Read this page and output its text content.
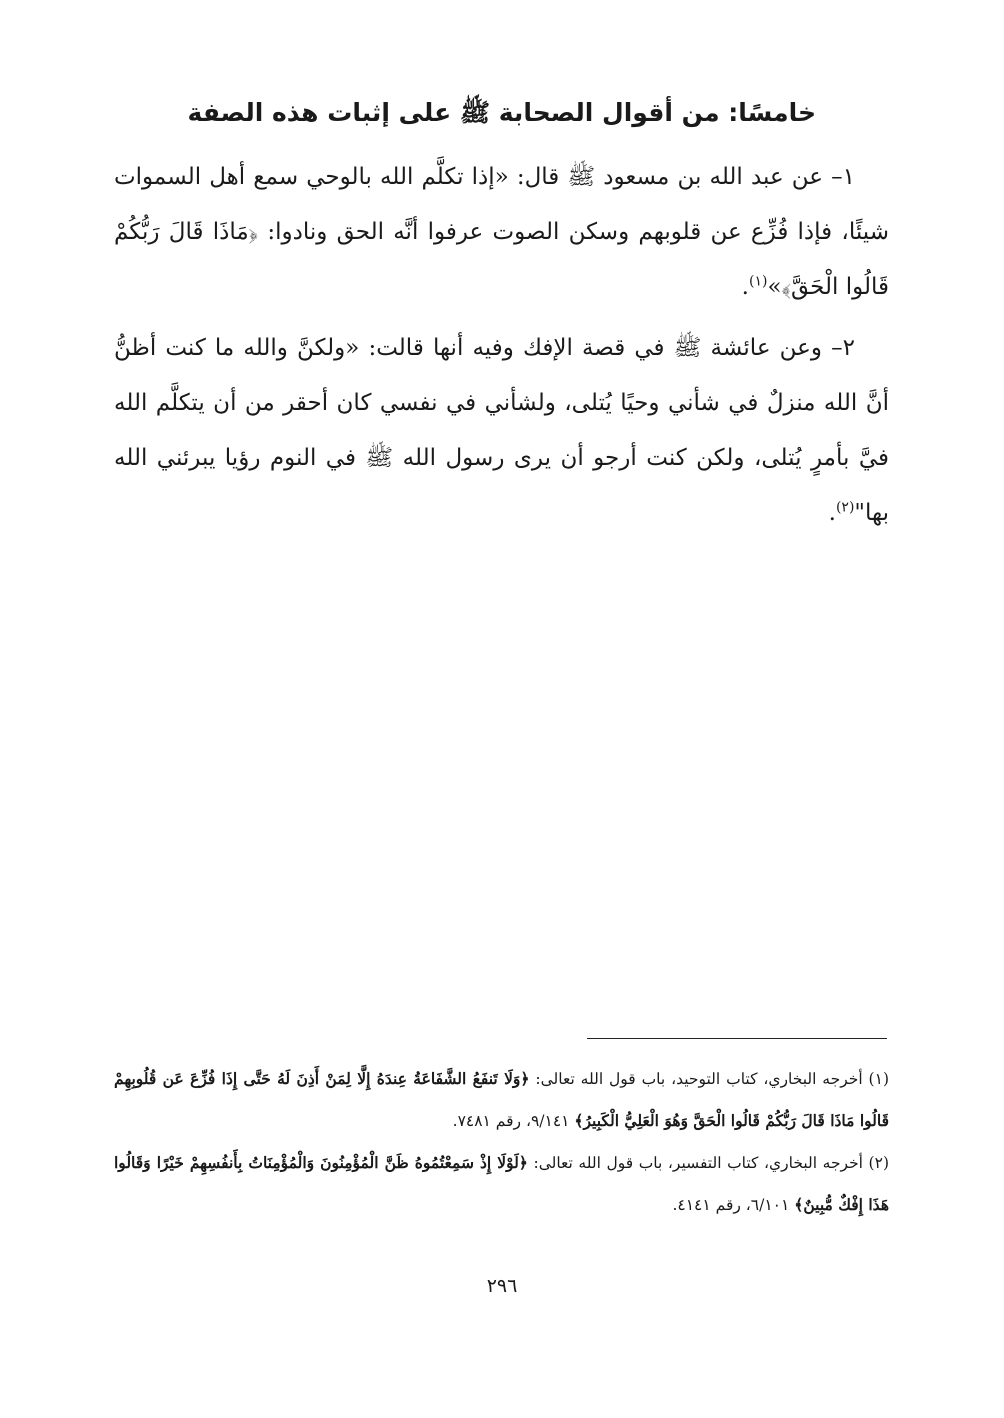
خامسًا: من أقوال الصحابة ﷺ على إثبات هذه الصفة

١– عن عبد الله بن مسعود ﷺ قال: «إذا تكلَّم الله بالوحي سمع أهل السموات شيئًا، فإذا فُزِّع عن قلوبهم وسكن الصوت عرفوا أنَّه الحق ونادوا: ﴿مَاذَا قَالَ رَبُّكُمْ قَالُوا الْحَقَّ﴾»$^{(١)}$.

٢– وعن عائشة ﷺ في قصة الإفك وفيه أنها قالت: «ولكنَّ والله ما كنت أظنُّ أنَّ الله منزلٌ في شأني وحيًا يُتلى، ولشأني في نفسي كان أحقر من أن يتكلَّم الله فيَّ بأمرٍ يُتلى، ولكن كنت أرجو أن يرى رسول الله ﷺ في النوم رؤيا يبرئني الله بها"$^{(٢)}$.

(١) أخرجه البخاري، كتاب التوحيد، باب قول الله تعالى: ﴿وَلَا تَنفَعُ الشَّفَاعَةُ عِندَهُ إِلَّا لِمَنْ أَذِنَ لَهُ حَتَّى إِذَا فُزِّعَ عَن قُلُوبِهِمْ قَالُوا مَاذَا قَالَ رَبُّكُمْ قَالُوا الْحَقَّ وَهُوَ الْعَلِيُّ الْكَبِيرُ﴾ ٩/١٤١، رقم ٧٤٨١.

(٢) أخرجه البخاري، كتاب التفسير، باب قول الله تعالى: ﴿لَوْلَا إِذْ سَمِعْتُمُوهُ ظَنَّ الْمُؤْمِنُونَ وَالْمُؤْمِنَاتُ بِأَنفُسِهِمْ خَيْرًا وَقَالُوا هَذَا إِفْكٌ مُّبِينٌ﴾ ٦/١٠١، رقم ٤١٤١.

٢٩٦
